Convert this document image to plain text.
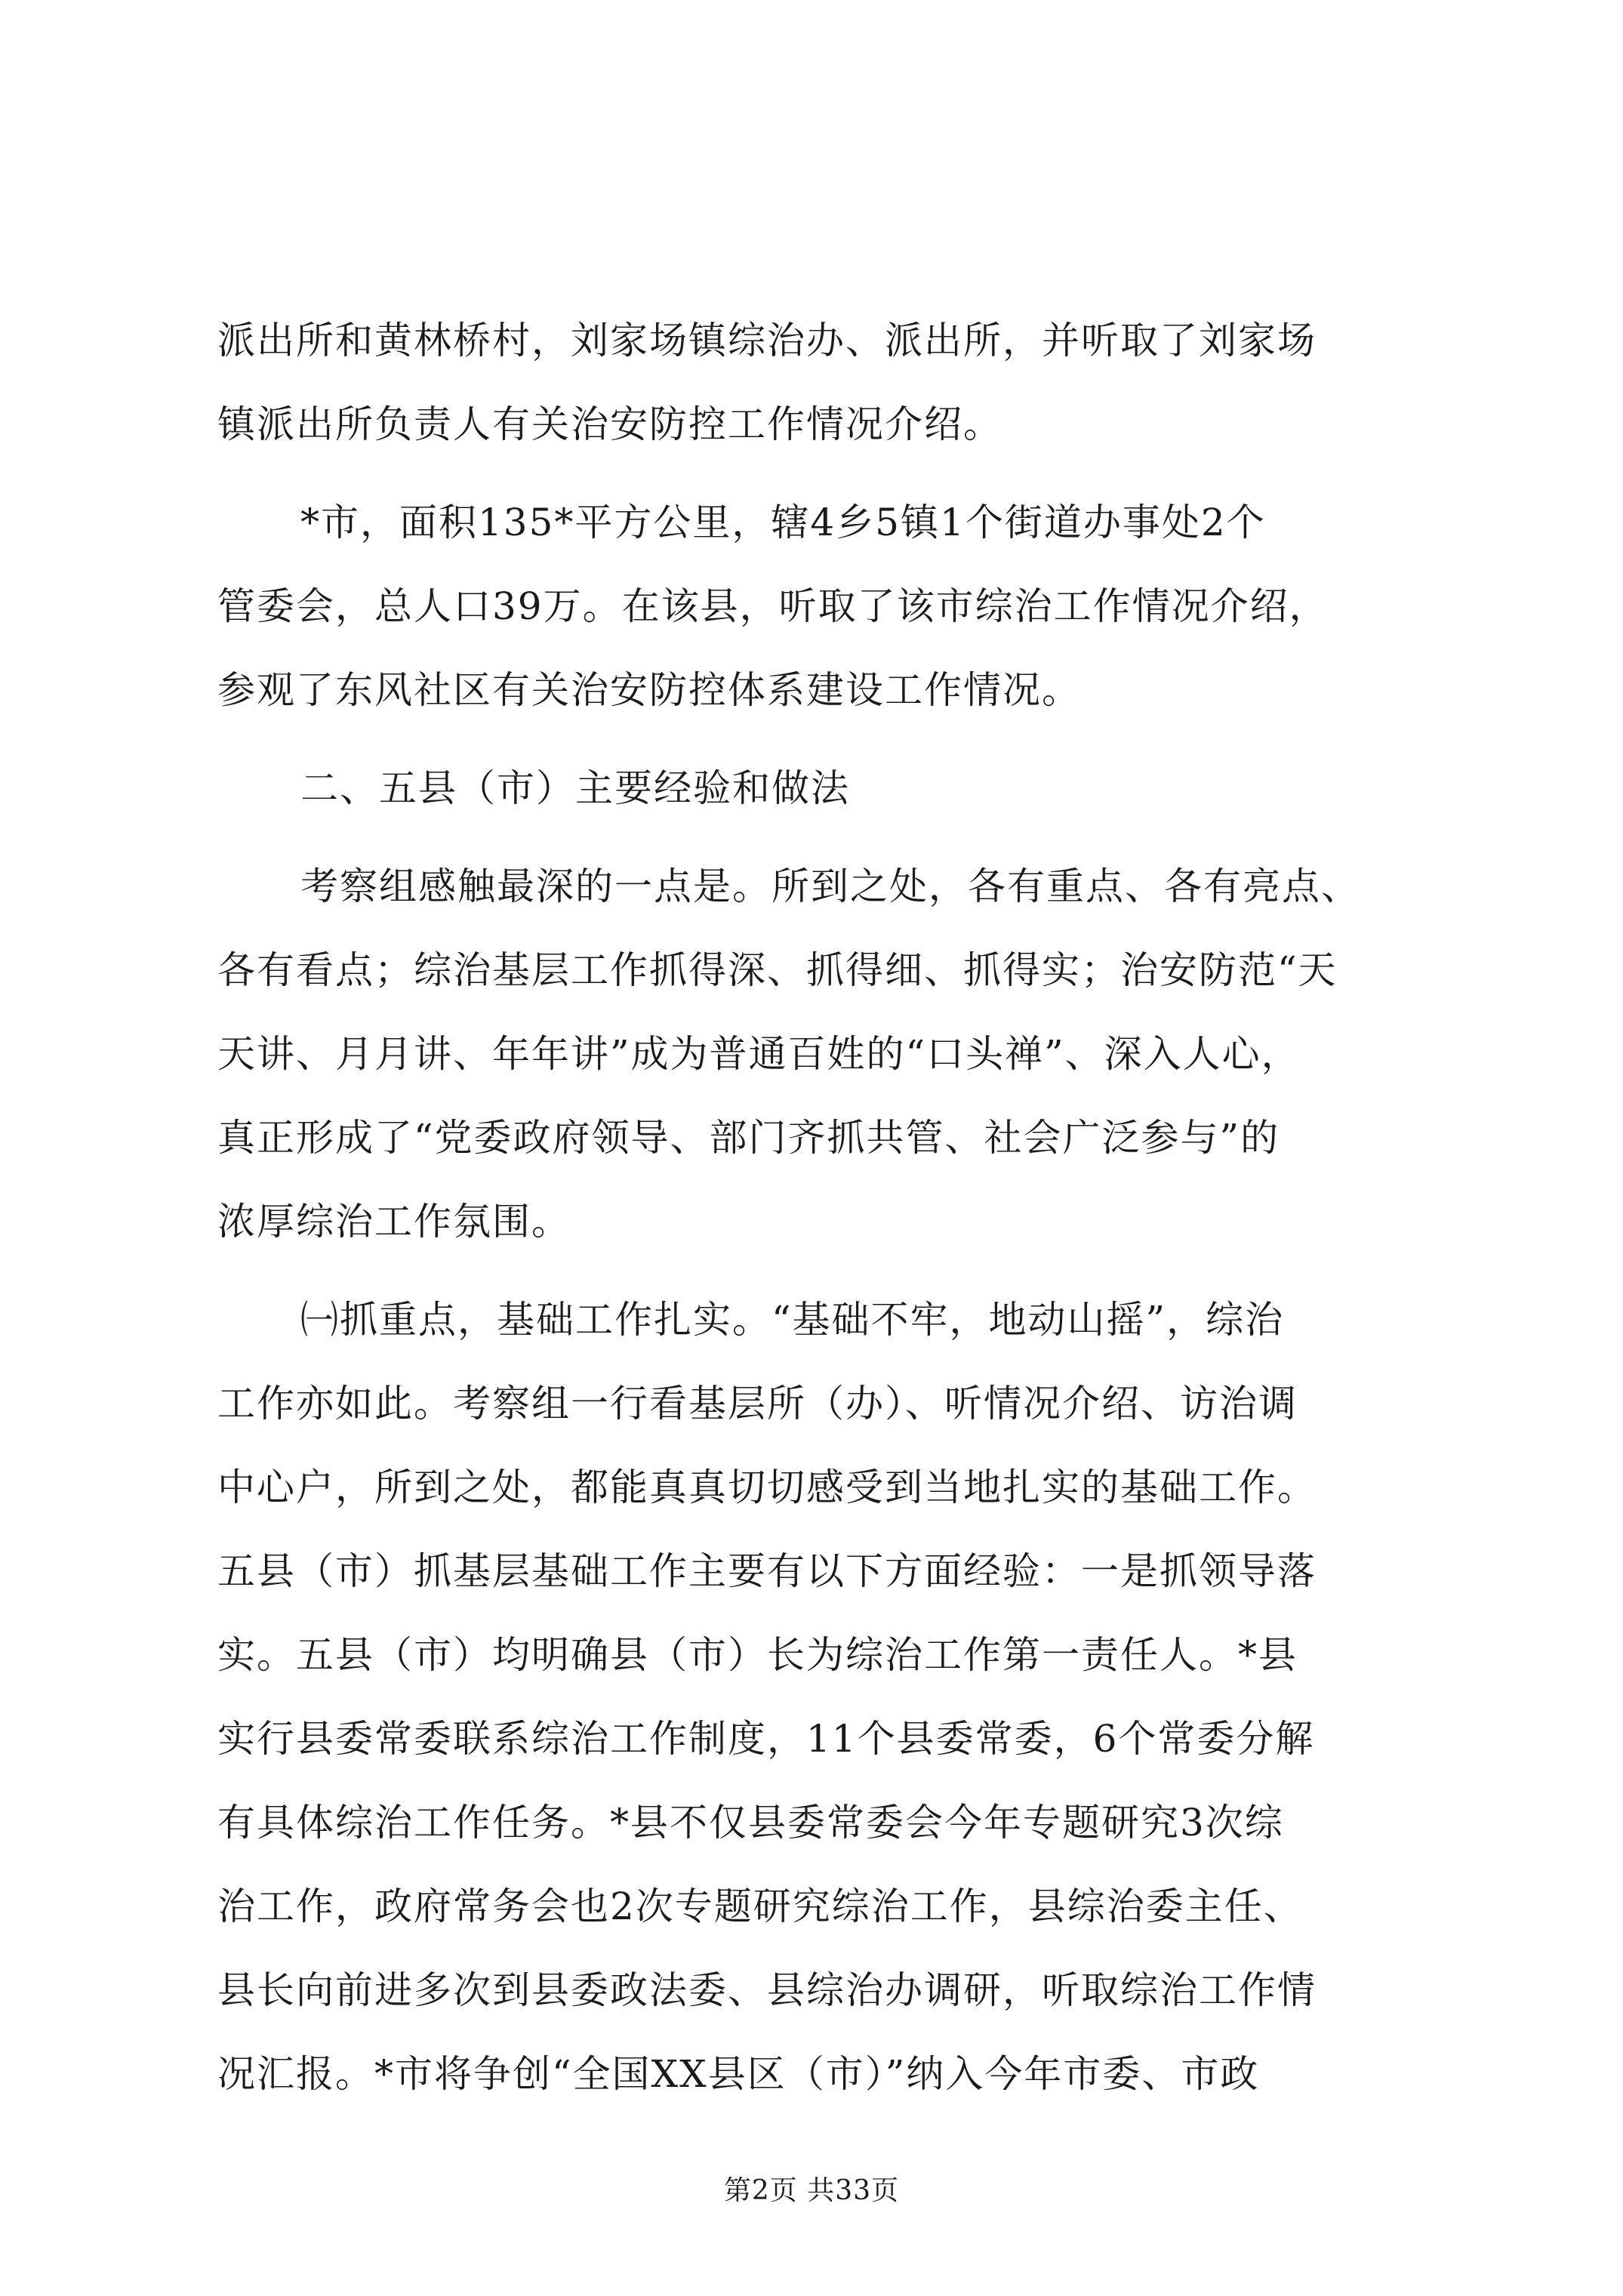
派出所和黄林桥村，刘家场镇综治办、派出所，并听取了刘家场
镇派出所负责人有关治安防控工作情况介绍。
*市，面积135*平方公里，辖4乡5镇1个街道办事处2个
管委会，总人口39万。在该县，听取了该市综治工作情况介绍，
参观了东风社区有关治安防控体系建设工作情况。
二、五县（市）主要经验和做法
考察组感触最深的一点是。所到之处，各有重点、各有亮点、
各有看点；综治基层工作抓得深、抓得细、抓得实；治安防范“天
天讲、月月讲、年年讲”成为普通百姓的“口头禅”、深入人心，
真正形成了“党委政府领导、部门齐抓共管、社会广泛参与”的
浓厚综治工作氛围。
㈠抓重点，基础工作扎实。“基础不牢，地动山摇”，综治
工作亦如此。考察组一行看基层所（办）、听情况介绍、访治调
中心户，所到之处，都能真真切切感受到当地扎实的基础工作。
五县（市）抓基层基础工作主要有以下方面经验：一是抓领导落
实。五县（市）均明确县（市）长为综治工作第一责任人。*县
实行县委常委联系综治工作制度，11个县委常委，6个常委分解
有具体综治工作任务。*县不仅县委常委会今年专题研究3次综
治工作，政府常务会也2次专题研究综治工作，县综治委主任、
县长向前进多次到县委政法委、县综治办调研，听取综治工作情
况汇报。*市将争创“全国XX县区（市）”纳入今年市委、市政
第2页 共33页
